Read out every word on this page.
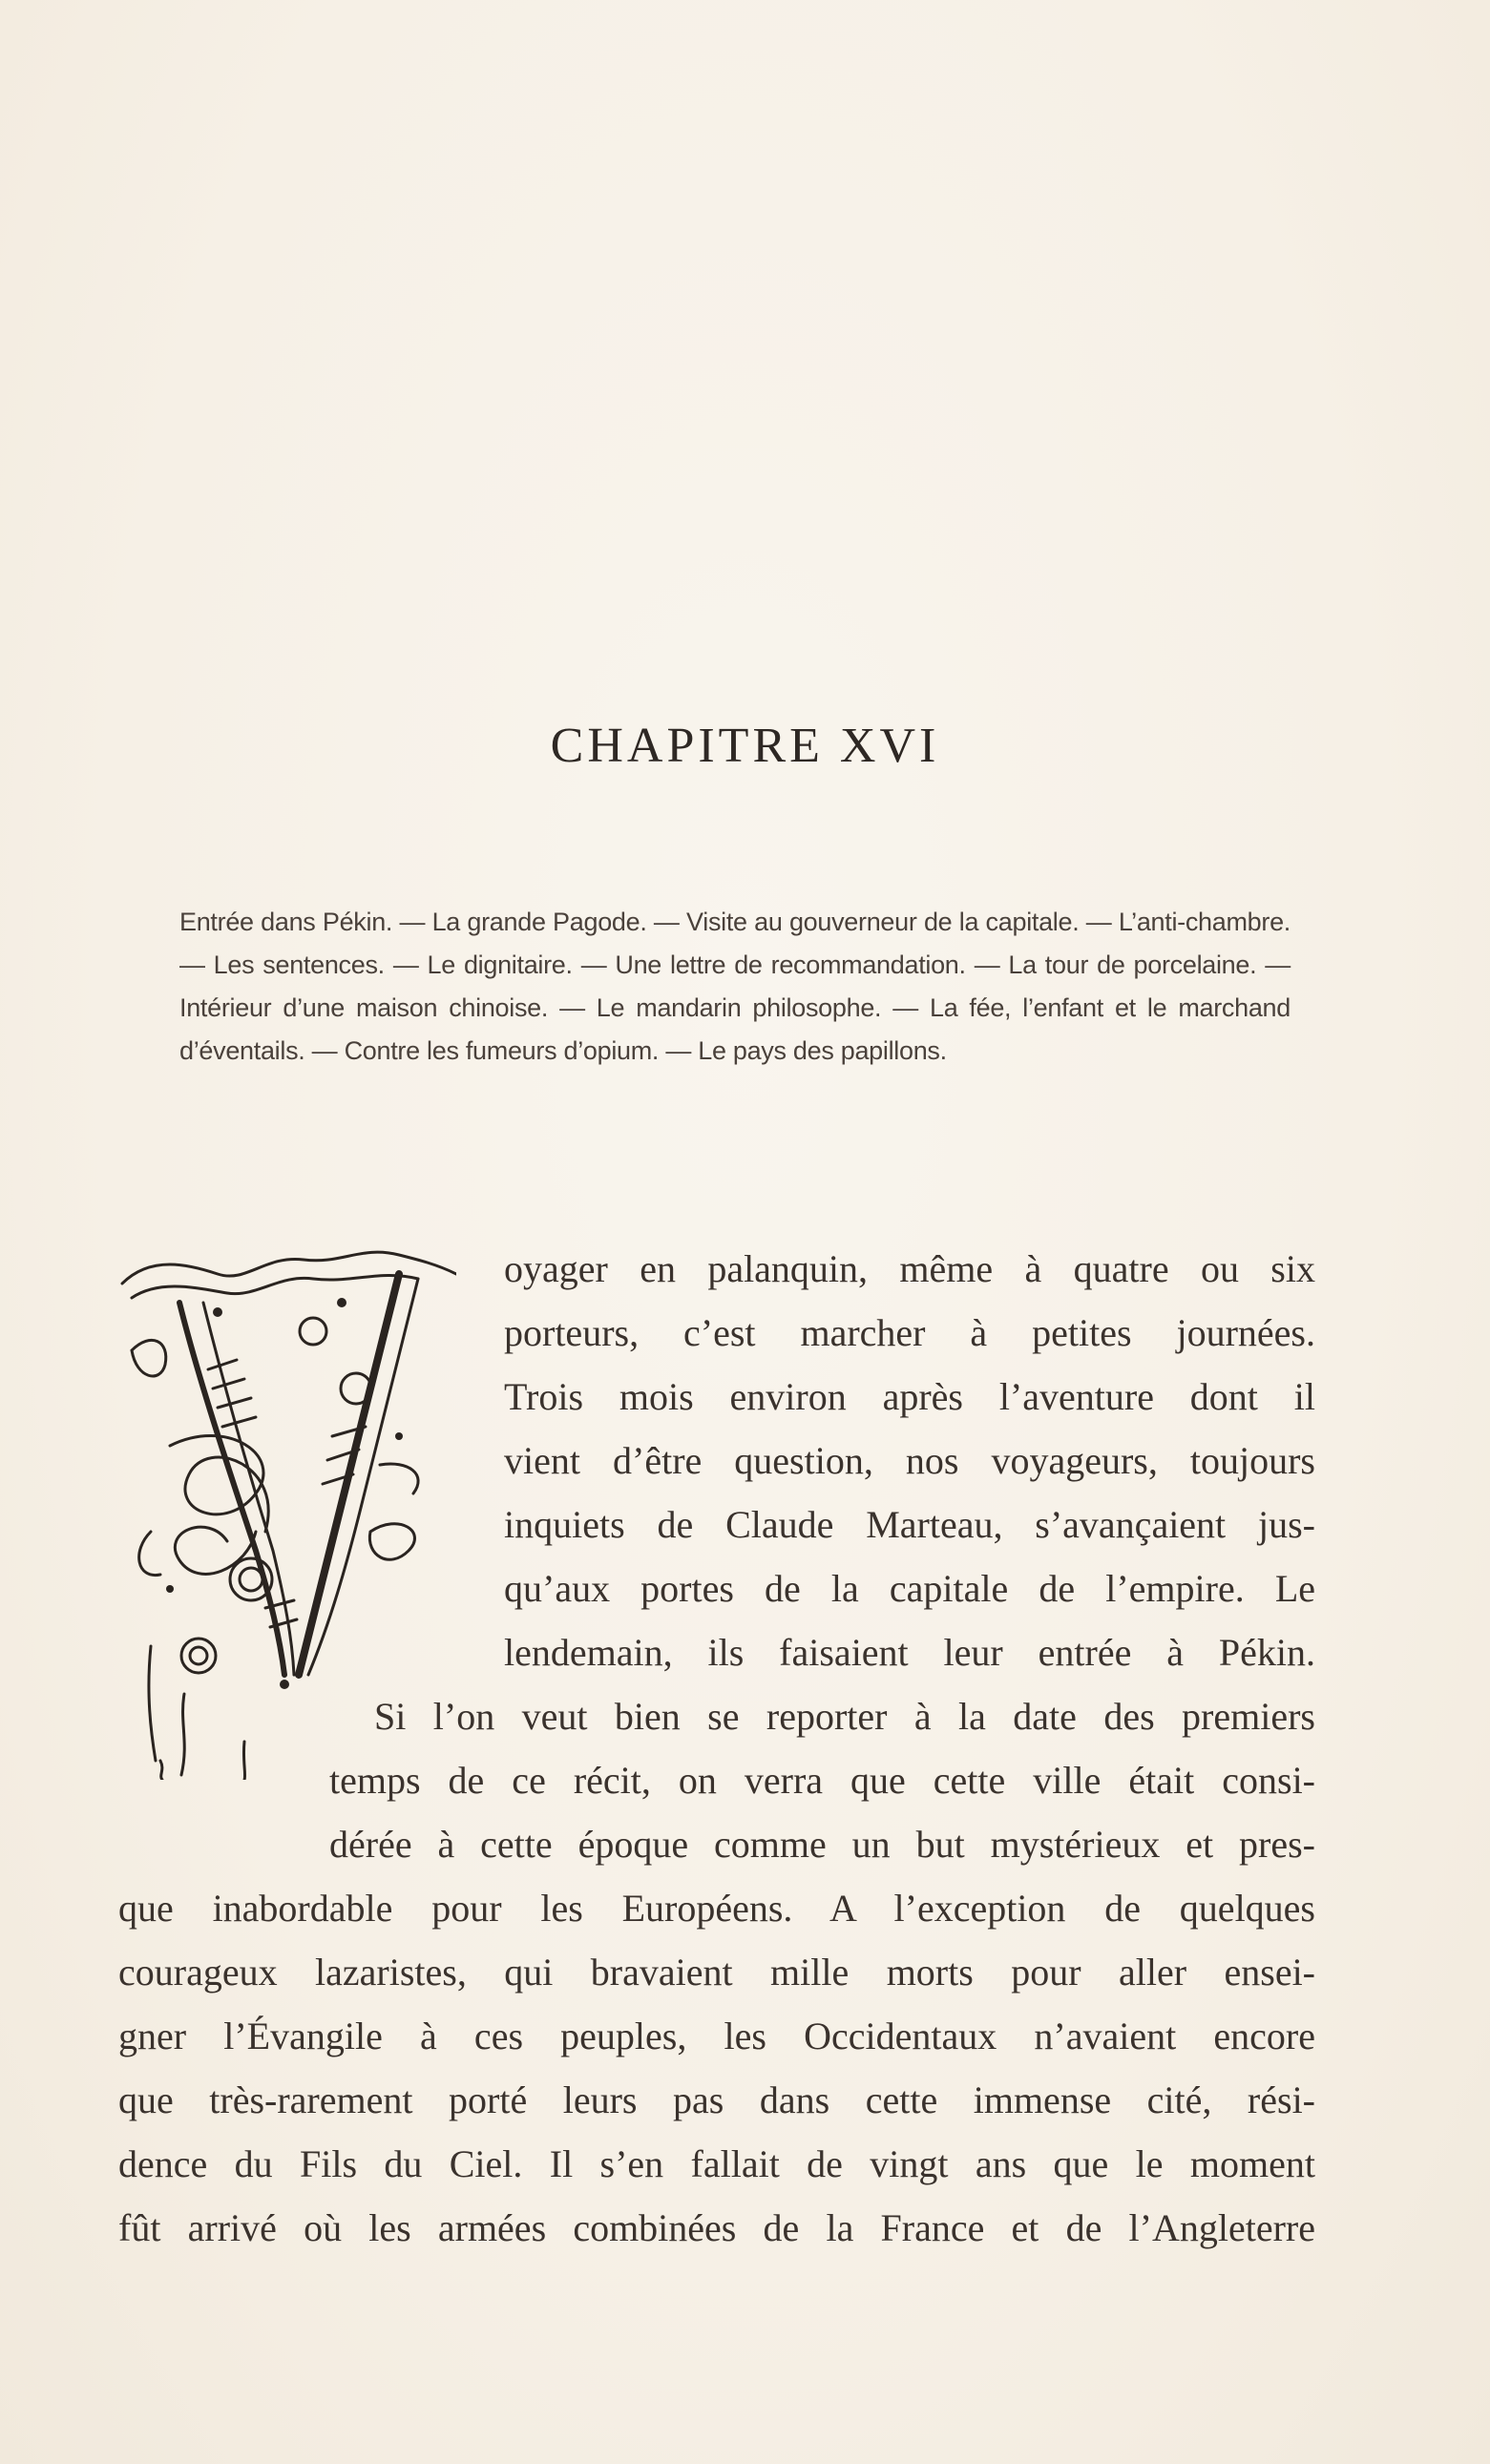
CHAPITRE XVI
Entrée dans Pékin. — La grande Pagode. — Visite au gouverneur de la capitale. — L’anti-chambre. — Les sentences. — Le dignitaire. — Une lettre de recommandation. — La tour de porcelaine. — Intérieur d’une maison chinoise. — Le mandarin philosophe. — La fée, l’enfant et le marchand d’éventails. — Contre les fumeurs d’opium. — Le pays des papillons.
oyager en palanquin, même à quatre ou six
porteurs, c’est marcher à petites journées.
Trois mois environ après l’aventure dont il
vient d’être question, nos voyageurs, toujours
inquiets de Claude Marteau, s’avançaient jus-
qu’aux portes de la capitale de l’empire. Le
lendemain, ils faisaient leur entrée à Pékin.
Si l’on veut bien se reporter à la date des premiers
temps de ce récit, on verra que cette ville était consi-
dérée à cette époque comme un but mystérieux et pres-
que inabordable pour les Européens. A l’exception de quelques
courageux lazaristes, qui bravaient mille morts pour aller ensei-
gner l’Évangile à ces peuples, les Occidentaux n’avaient encore
que très-rarement porté leurs pas dans cette immense cité, rési-
dence du Fils du Ciel. Il s’en fallait de vingt ans que le moment
fût arrivé où les armées combinées de la France et de l’Angleterre
